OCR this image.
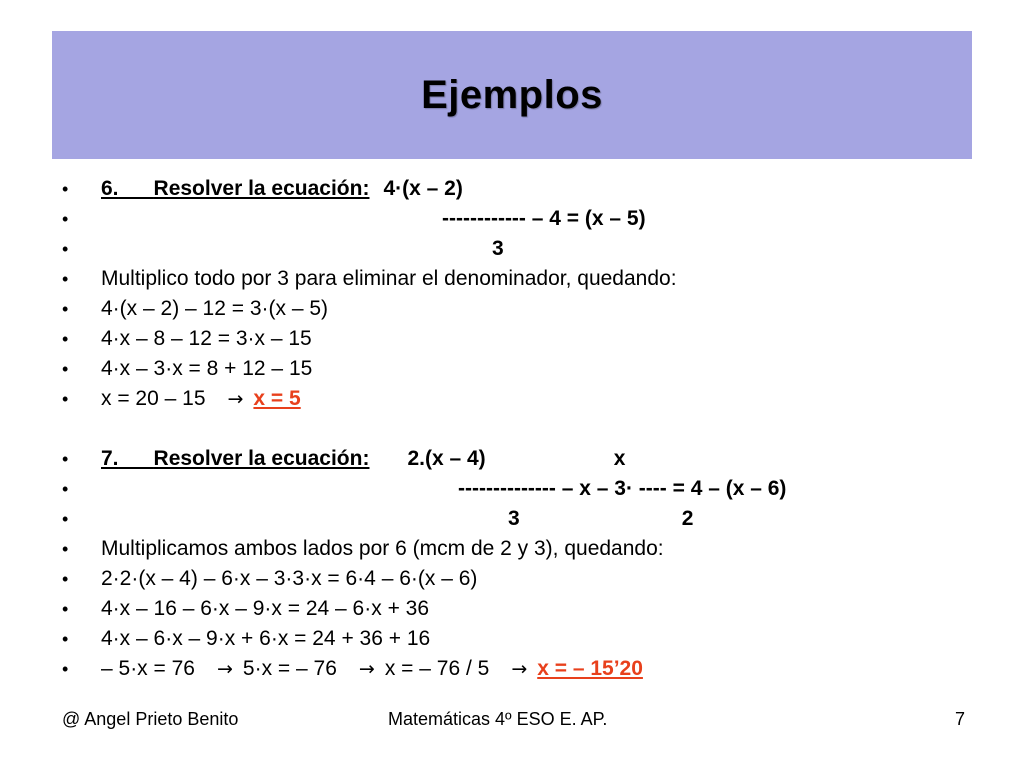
Ejemplos

•

6. Resolver la ecuación: 4·(x – 2)

•

	------------ – 4 = (x – 5)

•

	3

•

Multiplico todo por 3 para eliminar el denominador, quedando:

•

4·(x – 2) – 12 = 3·(x – 5)

•

4·x – 8 – 12 = 3·x – 15

•

4·x – 3·x = 8 + 12 – 15

•

x = 20 – 15 → x = 5

•

7. Resolver la ecuación: 2.(x – 4)	x

•

	-------------- – x – 3· ---- = 4 – (x – 6)

•

	3	2

•

Multiplicamos ambos lados por 6 (mcm de 2 y 3), quedando:

•

2·2·(x – 4) – 6·x – 3·3·x = 6·4 – 6·(x – 6)

•

4·x – 16 – 6·x – 9·x = 24 – 6·x + 36

•

4·x – 6·x – 9·x + 6·x = 24 + 36 + 16

•

– 5·x = 76 → 5·x = – 76 → x = – 76 / 5 → x = – 15’20

@ Angel Prieto Benito	Matemáticas 4º ESO E. AP.	7
